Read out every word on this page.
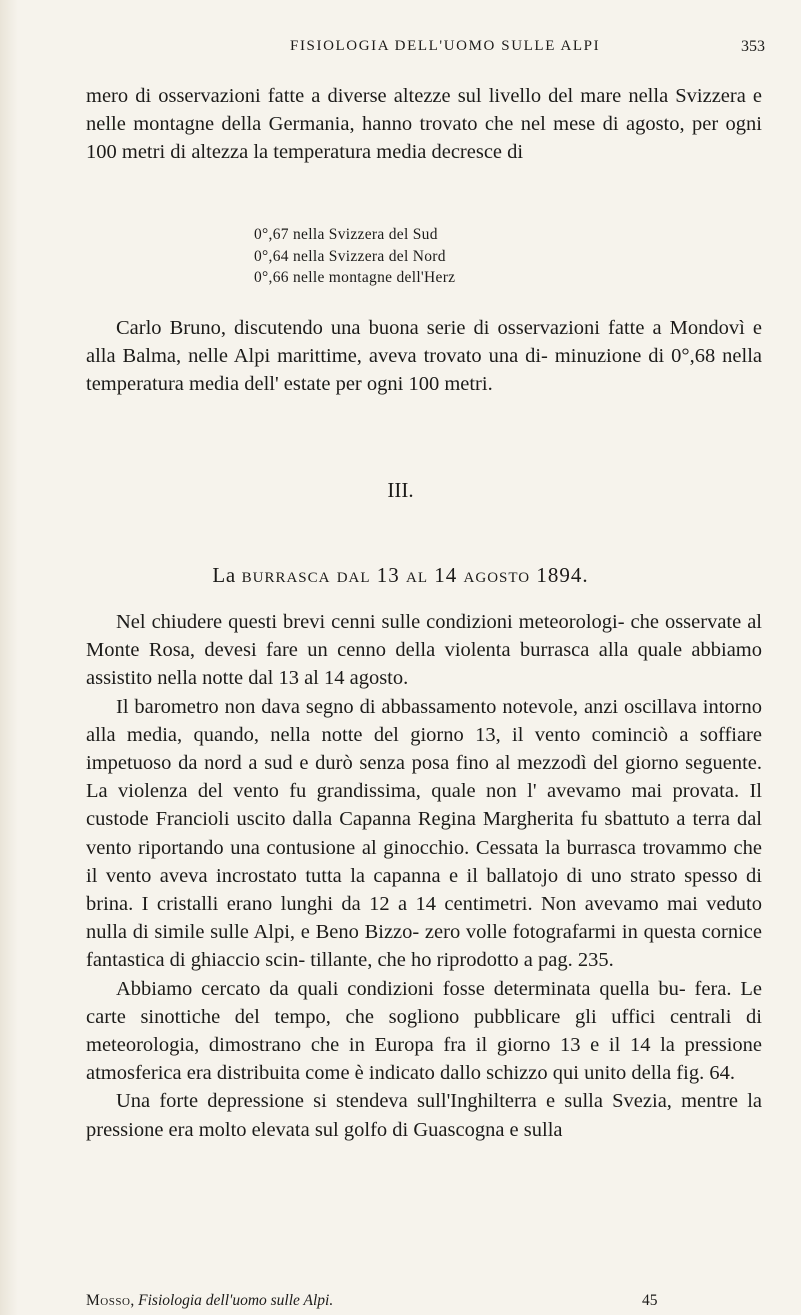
FISIOLOGIA DELL'UOMO SULLE ALPI	353

mero di osservazioni fatte a diverse altezze sul livello del mare nella Svizzera e nelle montagne della Germania, hanno trovato che nel mese di agosto, per ogni 100 metri di altezza la temperatura media decresce di

0°,67 nella Svizzera del Sud
0°,64 nella Svizzera del Nord
0°,66 nelle montagne dell'Herz

Carlo Bruno, discutendo una buona serie di osservazioni fatte a Mondovì e alla Balma, nelle Alpi marittime, aveva trovato una di- minuzione di 0°,68 nella temperatura media dell' estate per ogni 100 metri.

III.
La burrasca dal 13 al 14 agosto 1894.

Nel chiudere questi brevi cenni sulle condizioni meteorologi- che osservate al Monte Rosa, devesi fare un cenno della violenta burrasca alla quale abbiamo assistito nella notte dal 13 al 14 agosto.

Il barometro non dava segno di abbassamento notevole, anzi oscillava intorno alla media, quando, nella notte del giorno 13, il vento cominciò a soffiare impetuoso da nord a sud e durò senza posa fino al mezzodì del giorno seguente. La violenza del vento fu grandissima, quale non l' avevamo mai provata. Il custode Francioli uscito dalla Capanna Regina Margherita fu sbattuto a terra dal vento riportando una contusione al ginocchio. Cessata la burrasca trovammo che il vento aveva incrostato tutta la capanna e il ballatojo di uno strato spesso di brina. I cristalli erano lunghi da 12 a 14 centimetri. Non avevamo mai veduto nulla di simile sulle Alpi, e Beno Bizzo- zero volle fotografarmi in questa cornice fantastica di ghiaccio scin- tillante, che ho riprodotto a pag. 235.

Abbiamo cercato da quali condizioni fosse determinata quella bu- fera. Le carte sinottiche del tempo, che sogliono pubblicare gli uffici centrali di meteorologia, dimostrano che in Europa fra il giorno 13 e il 14 la pressione atmosferica era distribuita come è indicato dallo schizzo qui unito della fig. 64.

Una forte depressione si stendeva sull'Inghilterra e sulla Svezia, mentre la pressione era molto elevata sul golfo di Guascogna e sulla

Mosso, Fisiologia dell'uomo sulle Alpi.	45
